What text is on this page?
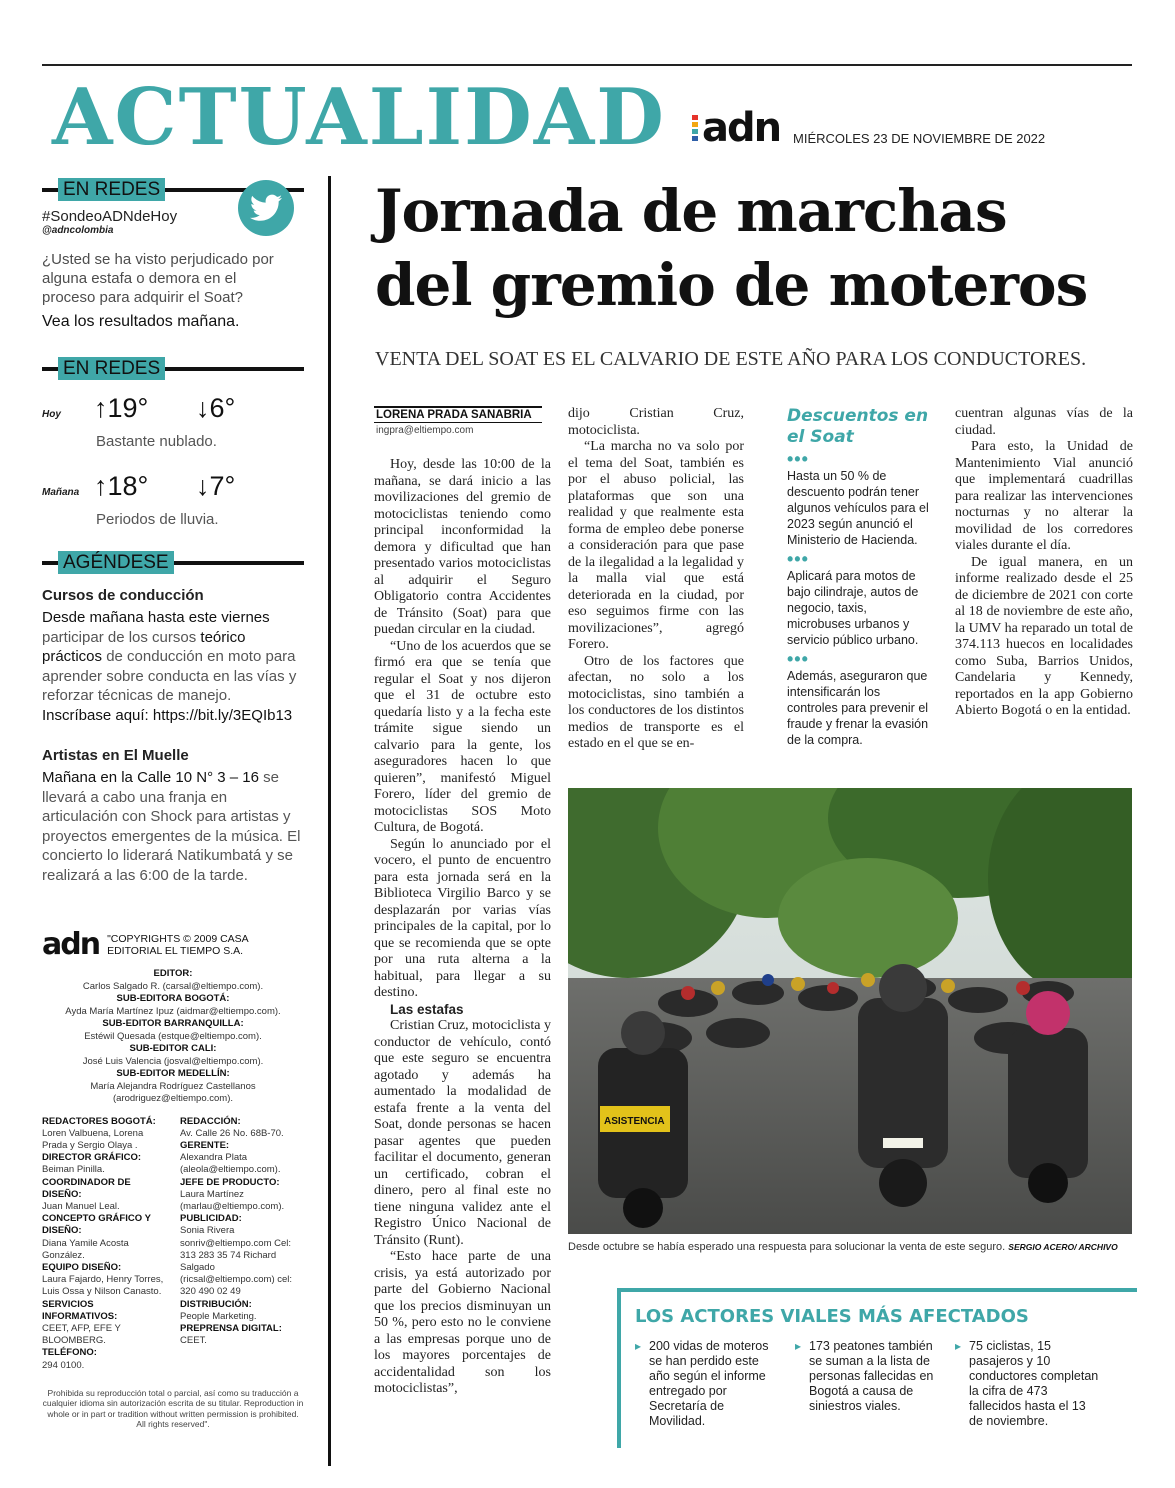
ACTUALIDAD adn MIÉRCOLES 23 DE NOVIEMBRE DE 2022
EN REDES
#SondeoADNdeHoy
@adncolombia
¿Usted se ha visto perjudicado por alguna estafa o demora en el proceso para adquirir el Soat?
Vea los resultados mañana.
EN REDES
Hoy ↑19° ↓6°
Bastante nublado.
Mañana ↑18° ↓7°
Periodos de lluvia.
AGÉNDESE
Cursos de conducción
Desde mañana hasta este viernes participar de los cursos teórico prácticos de conducción en moto para aprender sobre conducta en las vías y reforzar técnicas de manejo. Inscríbase aquí: https://bit.ly/3EQIb13
Artistas en El Muelle
Mañana en la Calle 10 N° 3 – 16 se llevará a cabo una franja en articulación con Shock para artistas y proyectos emergentes de la música. El concierto lo liderará Natikumbatá y se realizará a las 6:00 de la tarde.
adn "COPYRIGHTS © 2009 CASA EDITORIAL EL TIEMPO S.A.
EDITOR:
Carlos Salgado R. (carsal@eltiempo.com).
SUB-EDITORA BOGOTÁ:
Ayda María Martínez Ipuz (aidmar@eltiempo.com).
SUB-EDITOR BARRANQUILLA:
Estéwil Quesada (estque@eltiempo.com).
SUB-EDITOR CALI:
José Luis Valencia (josval@eltiempo.com).
SUB-EDITOR MEDELLÍN:
María Alejandra Rodríguez Castellanos (arodriguez@eltiempo.com).
REDACTORES BOGOTÁ:
Loren Valbuena, Lorena Prada y Sergio Olaya .
DIRECTOR GRÁFICO:
Beiman Pinilla.
COORDINADOR DE DISEÑO:
Juan Manuel Leal.
CONCEPTO GRÁFICO Y DISEÑO:
Diana Yamile Acosta González.
EQUIPO DISEÑO:
Laura Fajardo, Henry Torres, Luis Ossa y Nilson Canasto.
SERVICIOS INFORMATIVOS:
CEET, AFP, EFE Y BLOOMBERG.
TELÉFONO:
294 0100.
REDACCIÓN:
Av. Calle 26 No. 68B-70.
GERENTE:
Alexandra Plata (aleola@eltiempo.com).
JEFE DE PRODUCTO:
Laura Martínez (marlau@eltiempo.com).
PUBLICIDAD:
Sonia Rivera sonriv@eltiempo.com Cel: 313 283 35 74 Richard Salgado (ricsal@eltiempo.com) cel: 320 490 02 49
DISTRIBUCIÓN:
People Marketing.
PREPRENSA DIGITAL:
CEET.
Prohibida su reproducción total o parcial, así como su traducción a cualquier idioma sin autorización escrita de su titular. Reproduction in whole or in part or tradition without written permission is prohibited. All rights reserved".
Jornada de marchas
del gremio de moteros
VENTA DEL SOAT ES EL CALVARIO DE ESTE AÑO PARA LOS CONDUCTORES.
LORENA PRADA SANABRIA
ingpra@eltiempo.com

Hoy, desde las 10:00 de la mañana, se dará inicio a las movilizaciones del gremio de motociclistas teniendo como principal inconformidad la demora y dificultad que han presentado varios motociclistas al adquirir el Seguro Obligatorio contra Accidentes de Tránsito (Soat) para que puedan circular en la ciudad.

“Uno de los acuerdos que se firmó era que se tenía que regular el Soat y nos dijeron que el 31 de octubre esto quedaría listo y a la fecha este trámite sigue siendo un calvario para la gente, los aseguradores hacen lo que quieren”, manifestó Miguel Forero, líder del gremio de motociclistas SOS Moto Cultura, de Bogotá.

Según lo anunciado por el vocero, el punto de encuentro para esta jornada será en la Biblioteca Virgilio Barco y se desplazarán por varias vías principales de la capital, por lo que se recomienda que se opte por una ruta alterna a la habitual, para llegar a su destino.

Las estafas

Cristian Cruz, motociclista y conductor de vehículo, contó que este seguro se encuentra agotado y además ha aumentado la modalidad de estafa frente a la venta del Soat, donde personas se hacen pasar agentes que pueden facilitar el documento, generan un certificado, cobran el dinero, pero al final este no tiene ninguna validez ante el Registro Único Nacional de Tránsito (Runt).

“Esto hace parte de una crisis, ya está autorizado por parte del Gobierno Nacional que los precios disminuyan un 50 %, pero esto no le conviene a las empresas porque uno de los mayores porcentajes de accidentalidad son los motociclistas”,

dijo Cristian Cruz, motociclista.

“La marcha no va solo por el tema del Soat, también es por el abuso policial, las plataformas que son una realidad y que realmente esta forma de empleo debe ponerse a consideración para que pase de la ilegalidad a la legalidad y la malla vial que está deteriorada en la ciudad, por eso seguimos firme con las movilizaciones”, agregó Forero.

Otro de los factores que afectan, no solo a los motociclistas, sino también a los conductores de los distintos medios de transporte es el estado en el que se en-

Descuentos en el Soat
•••
Hasta un 50 % de descuento podrán tener algunos vehículos para el 2023 según anunció el Ministerio de Hacienda.
•••
Aplicará para motos de bajo cilindraje, autos de negocio, taxis, microbuses urbanos y servicio público urbano.
•••
Además, aseguraron que intensificarán los controles para prevenir el fraude y frenar la evasión de la compra.

cuentran algunas vías de la ciudad.

Para esto, la Unidad de Mantenimiento Vial anunció que implementará cuadrillas para realizar las intervenciones nocturnas y no alterar la movilidad de los corredores viales durante el día.

De igual manera, en un informe realizado desde el 25 de diciembre de 2021 con corte al 18 de noviembre de este año, la UMV ha reparado un total de 374.113 huecos en localidades como Suba, Barrios Unidos, Candelaria y Kennedy, reportados en la app Gobierno Abierto Bogotá o en la entidad.

ASISTENCIA
Desde octubre se había esperado una respuesta para solucionar la venta de este seguro. SERGIO ACERO/ ARCHIVO
LOS ACTORES VIALES MÁS AFECTADOS
▸ 200 vidas de moteros se han perdido este año según el informe entregado por Secretaría de Movilidad.
▸ 173 peatones también se suman a la lista de personas fallecidas en Bogotá a causa de siniestros viales.
▸ 75 ciclistas, 15 pasajeros y 10 conductores completan la cifra de 473 fallecidos hasta el 13 de noviembre.
